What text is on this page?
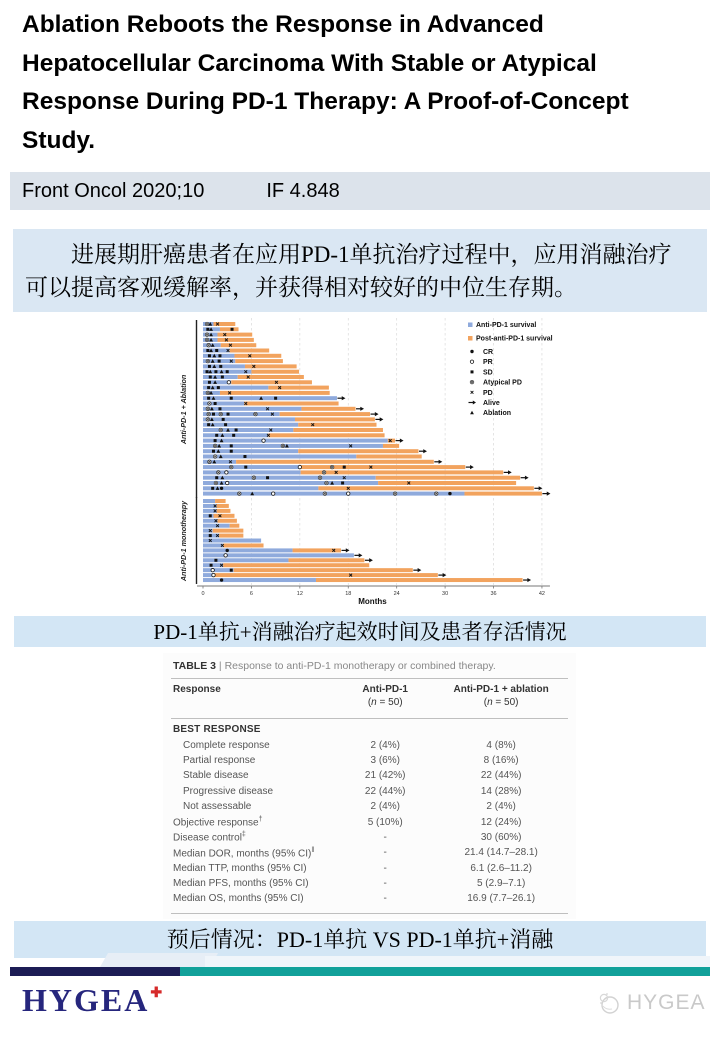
Ablation Reboots the Response in Advanced
Hepatocellular Carcinoma With Stable or Atypical
Response During PD-1 Therapy: A Proof-of-Concept
Study.
Front Oncol 2020;10	IF 4.848
进展期肝癌患者在应用PD-1单抗治疗过程中，应用消融治疗
可以提高客观缓解率，并获得相对较好的中位生存期。
Anti-PD-1 + Ablation
Anti-PD-1 monotherapy
0	6	12	18	24	30	36	42
Months
Anti-PD-1 survival
Post-anti-PD-1 survival
CR
PR
SD
Atypical PD
PD
Alive
Ablation
PD-1单抗+消融治疗起效时间及患者存活情况
TABLE 3 | Response to anti-PD-1 monotherapy or combined therapy.
Response	Anti-PD-1
(n = 50)
Anti-PD-1 + ablation
(n = 50)
BEST RESPONSE
Complete response	2 (4%)	4 (8%)
Partial response	3 (6%)	8 (16%)
Stable disease	21 (42%)	22 (44%)
Progressive disease	22 (44%)	14 (28%)
Not assessable	2 (4%)	2 (4%)
Objective response†	5 (10%)	12 (24%)
Disease control‡	-	30 (60%)
Median DOR, months (95% CI)‖	-	21.4 (14.7–28.1)
Median TTP, months (95% CI)	-	6.1 (2.6–11.2)
Median PFS, months (95% CI)	-	5 (2.9–7.1)
Median OS, months (95% CI)	-	16.9 (7.7–26.1)
预后情况：PD-1单抗 VS PD-1单抗+消融
HYGEA✚	HYGEA
